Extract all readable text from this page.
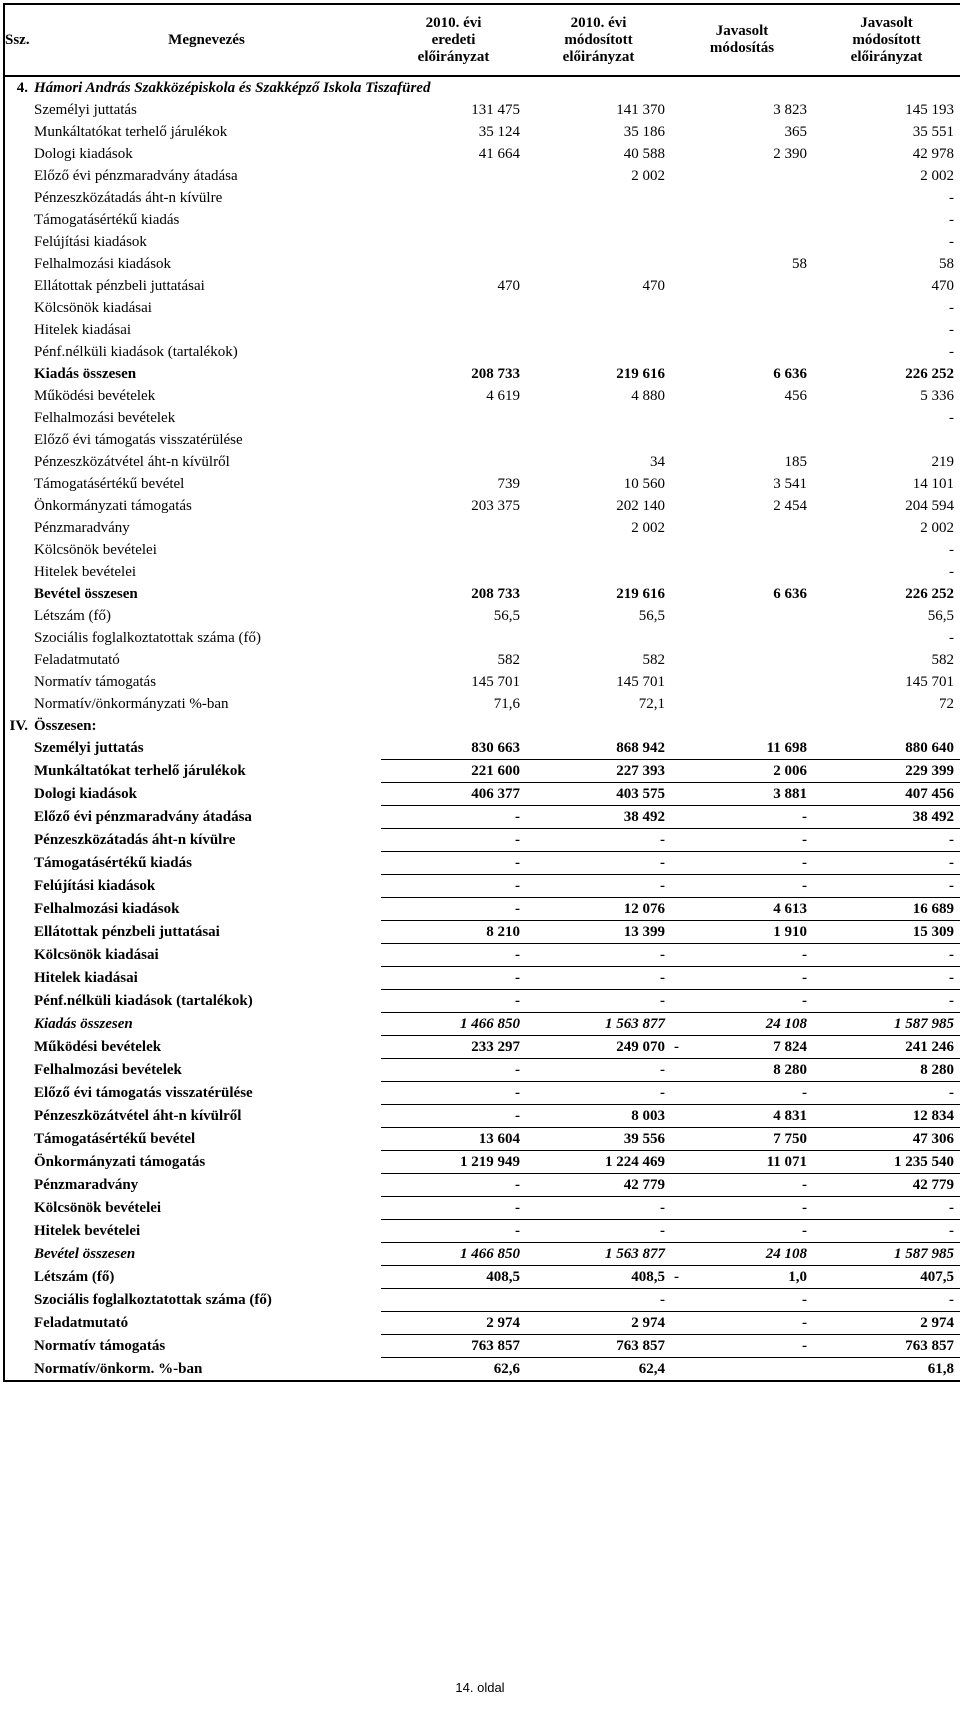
Ssz.	Megnevezés	2010. évi eredeti előirányzat	2010. évi módosított előirányzat	Javasolt módosítás	Javasolt módosított előirányzat
4.	Hámori András Szakközépiskola és Szakképző Iskola Tiszafüred				
	Személyi juttatás	131 475	141 370	3 823	145 193
	Munkáltatókat terhelő járulékok	35 124	35 186	365	35 551
	Dologi kiadások	41 664	40 588	2 390	42 978
	Előző évi pénzmaradvány átadása		2 002		2 002
	Pénzeszközátadás áht-n kívülre				-
	Támogatásértékű kiadás				-
	Felújítási kiadások				-
	Felhalmozási kiadások			58	58
	Ellátottak pénzbeli juttatásai	470	470		470
	Kölcsönök kiadásai				-
	Hitelek kiadásai				-
	Pénf.nélküli kiadások (tartalékok)				-
	Kiadás összesen	208 733	219 616	6 636	226 252
	Működési bevételek	4 619	4 880	456	5 336
	Felhalmozási bevételek				-
	Előző évi támogatás visszatérülése				
	Pénzeszközátvétel áht-n kívülről		34	185	219
	Támogatásértékű bevétel	739	10 560	3 541	14 101
	Önkormányzati támogatás	203 375	202 140	2 454	204 594
	Pénzmaradvány		2 002		2 002
	Kölcsönök bevételei				-
	Hitelek bevételei				-
	Bevétel összesen	208 733	219 616	6 636	226 252
	Létszám (fő)	56,5	56,5		56,5
	Szociális foglalkoztatottak száma (fő)				-
	Feladatmutató	582	582		582
	Normatív támogatás	145 701	145 701		145 701
	Normatív/önkormányzati %-ban	71,6	72,1		72
IV.	Összesen:				
	Személyi juttatás	830 663	868 942	11 698	880 640
	Munkáltatókat terhelő járulékok	221 600	227 393	2 006	229 399
	Dologi kiadások	406 377	403 575	3 881	407 456
	Előző évi pénzmaradvány átadása	-	38 492	-	38 492
	Pénzeszközátadás áht-n kívülre	-	-	-	-
	Támogatásértékű kiadás	-	-	-	-
	Felújítási kiadások	-	-	-	-
	Felhalmozási kiadások	-	12 076	4 613	16 689
	Ellátottak pénzbeli juttatásai	8 210	13 399	1 910	15 309
	Kölcsönök kiadásai	-	-	-	-
	Hitelek kiadásai	-	-	-	-
	Pénf.nélküli kiadások (tartalékok)	-	-	-	-
	Kiadás összesen	1 466 850	1 563 877	24 108	1 587 985
	Működési bevételek	233 297	249 070	- 7 824	241 246
	Felhalmozási bevételek	-	-	8 280	8 280
	Előző évi támogatás visszatérülése	-	-	-	-
	Pénzeszközátvétel áht-n kívülről	-	8 003	4 831	12 834
	Támogatásértékű bevétel	13 604	39 556	7 750	47 306
	Önkormányzati támogatás	1 219 949	1 224 469	11 071	1 235 540
	Pénzmaradvány	-	42 779	-	42 779
	Kölcsönök bevételei	-	-	-	-
	Hitelek bevételei	-	-	-	-
	Bevétel összesen	1 466 850	1 563 877	24 108	1 587 985
	Létszám (fő)	408,5	408,5	- 1,0	407,5
	Szociális foglalkoztatottak száma (fő)		-	-	-
	Feladatmutató	2 974	2 974	-	2 974
	Normatív támogatás	763 857	763 857	-	763 857
	Normatív/önkorm. %-ban	62,6	62,4		61,8
14. oldal
